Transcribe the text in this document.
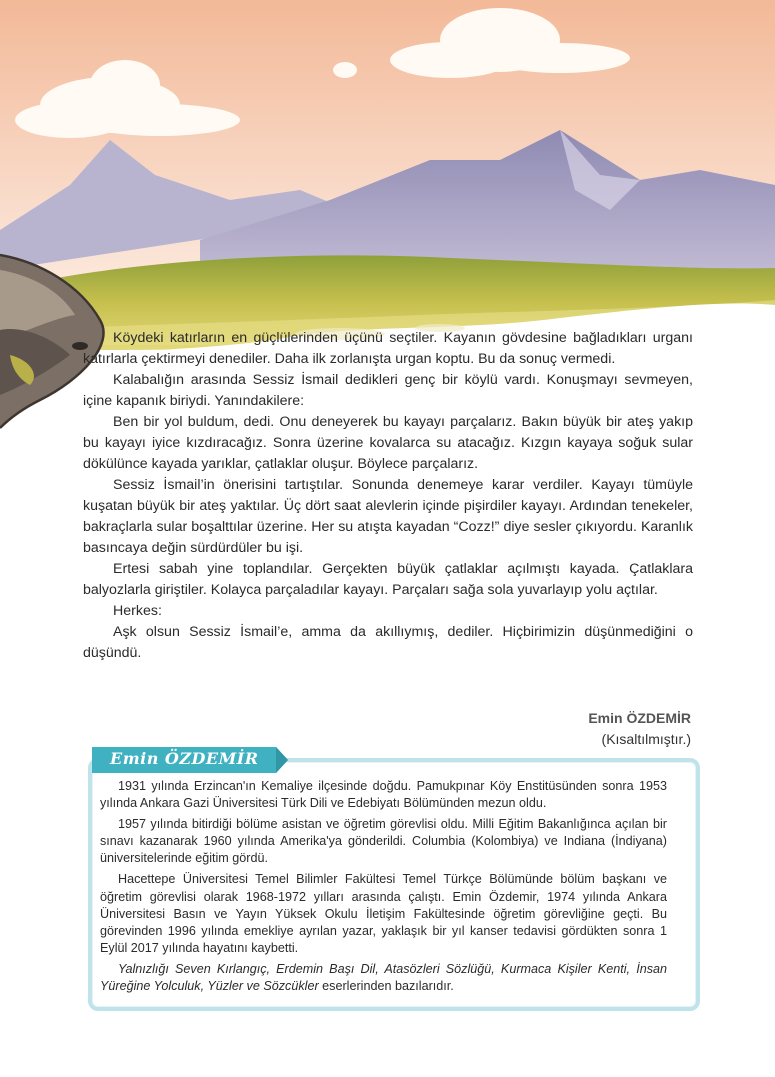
Köydeki katırların en güçlülerinden üçünü seçtiler. Kayanın gövdesine bağladıkları urganı katırlarla çektirmeyi denediler. Daha ilk zorlanışta urgan koptu. Bu da sonuç vermedi.

Kalabalığın arasında Sessiz İsmail dedikleri genç bir köylü vardı. Konuşmayı sevmeyen, içine kapanık biriydi. Yanındakilere:

Ben bir yol buldum, dedi. Onu deneyerek bu kayayı parçalarız. Bakın büyük bir ateş yakıp bu kayayı iyice kızdıracağız. Sonra üzerine kovalarca su atacağız. Kızgın kayaya soğuk sular dökülünce kayada yarıklar, çatlaklar oluşur. Böylece parçalarız.

Sessiz İsmail’in önerisini tartıştılar. Sonunda denemeye karar verdiler. Kayayı tümüyle kuşatan büyük bir ateş yaktılar. Üç dört saat alevlerin içinde pişirdiler kayayı. Ardından tenekeler, bakraçlarla sular boşalttılar üzerine. Her su atışta kayadan “Cozz!” diye sesler çıkıyordu. Karanlık basıncaya değin sürdürdüler bu işi.

Ertesi sabah yine toplandılar. Gerçekten büyük çatlaklar açılmıştı kayada. Çatlaklara balyozlarla giriştiler. Kolayca parçaladılar kayayı. Parçaları sağa sola yuvarlayıp yolu açtılar.

Herkes:

Aşk olsun Sessiz İsmail’e, amma da akıllıymış, dediler. Hiçbirimizin düşünmediğini o düşündü.

Emin ÖZDEMİR
(Kısaltılmıştır.)
Emin ÖZDEMİR

1931 yılında Erzincan'ın Kemaliye ilçesinde doğdu. Pamukpınar Köy Enstitüsünden sonra 1953 yılında Ankara Gazi Üniversitesi Türk Dili ve Edebiyatı Bölümünden mezun oldu.

1957 yılında bitirdiği bölüme asistan ve öğretim görevlisi oldu. Milli Eğitim Bakanlığınca açılan bir sınavı kazanarak 1960 yılında Amerika'ya gönderildi. Columbia (Kolombiya) ve Indiana (İndiyana) üniversitelerinde eğitim gördü.

Hacettepe Üniversitesi Temel Bilimler Fakültesi Temel Türkçe Bölümünde bölüm başkanı ve öğretim görevlisi olarak 1968-1972 yılları arasında çalıştı. Emin Özdemir, 1974 yılında Ankara Üniversitesi Basın ve Yayın Yüksek Okulu İletişim Fakültesinde öğretim görevliğine geçti. Bu görevinden 1996 yılında emekliye ayrılan yazar, yaklaşık bir yıl kanser tedavisi gördükten sonra 1 Eylül 2017 yılında hayatını kaybetti.

Yalnızlığı Seven Kırlangıç, Erdemin Başı Dil, Atasözleri Sözlüğü, Kurmaca Kişiler Kenti, İnsan Yüreğine Yolculuk, Yüzler ve Sözcükler eserlerinden bazılarıdır.
